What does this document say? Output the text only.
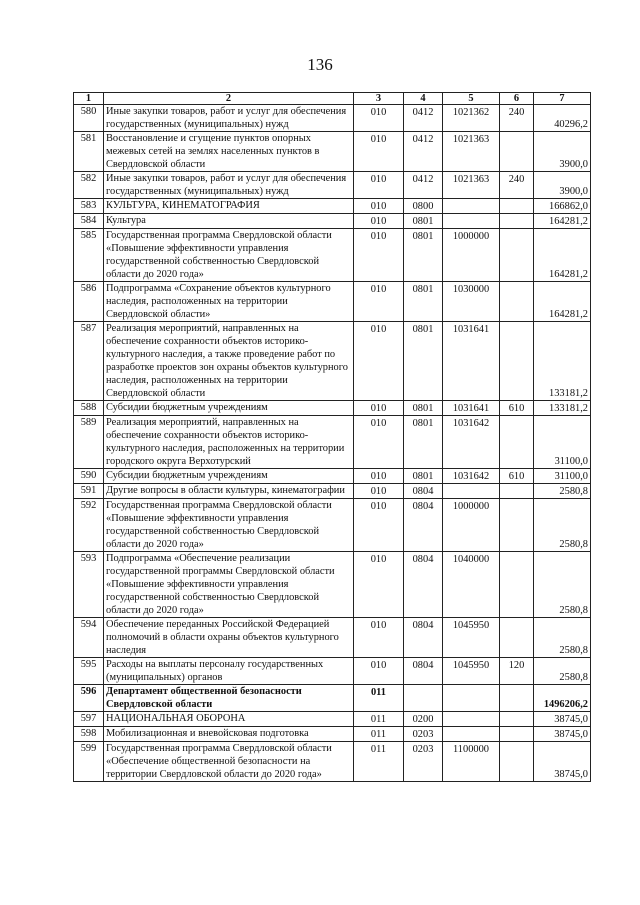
136
1	2	3	4	5	6	7
580	Иные закупки товаров, работ и услуг для обеспечения государственных (муниципальных) нужд	010	0412	1021362	240	40296,2
581	Восстановление и сгущение пунктов опорных межевых сетей на землях населенных пунктов в Свердловской области	010	0412	1021363		3900,0
582	Иные закупки товаров, работ и услуг для обеспечения государственных (муниципальных) нужд	010	0412	1021363	240	3900,0
583	КУЛЬТУРА, КИНЕМАТОГРАФИЯ	010	0800			166862,0
584	Культура	010	0801			164281,2
585	Государственная программа Свердловской области «Повышение эффективности управления государственной собственностью Свердловской области до 2020 года»	010	0801	1000000		164281,2
586	Подпрограмма «Сохранение объектов культурного наследия, расположенных на территории Свердловской области»	010	0801	1030000		164281,2
587	Реализация мероприятий, направленных на обеспечение сохранности объектов историко-культурного наследия, а также проведение работ по разработке проектов зон охраны объектов культурного наследия, расположенных на территории Свердловской области	010	0801	1031641		133181,2
588	Субсидии бюджетным учреждениям	010	0801	1031641	610	133181,2
589	Реализация мероприятий, направленных на обеспечение сохранности объектов историко-культурного наследия, расположенных на территории городского округа Верхотурский	010	0801	1031642		31100,0
590	Субсидии бюджетным учреждениям	010	0801	1031642	610	31100,0
591	Другие вопросы в области культуры, кинематографии	010	0804			2580,8
592	Государственная программа Свердловской области «Повышение эффективности управления государственной собственностью Свердловской области до 2020 года»	010	0804	1000000		2580,8
593	Подпрограмма «Обеспечение реализации государственной программы Свердловской области «Повышение эффективности управления государственной собственностью Свердловской области до 2020 года»	010	0804	1040000		2580,8
594	Обеспечение переданных Российской Федерацией полномочий в области охраны объектов культурного наследия	010	0804	1045950		2580,8
595	Расходы на выплаты персоналу государственных (муниципальных) органов	010	0804	1045950	120	2580,8
596	Департамент общественной безопасности Свердловской области	011				1496206,2
597	НАЦИОНАЛЬНАЯ ОБОРОНА	011	0200			38745,0
598	Мобилизационная и вневойсковая подготовка	011	0203			38745,0
599	Государственная программа Свердловской области «Обеспечение общественной безопасности на территории Свердловской области до 2020 года»	011	0203	1100000		38745,0
